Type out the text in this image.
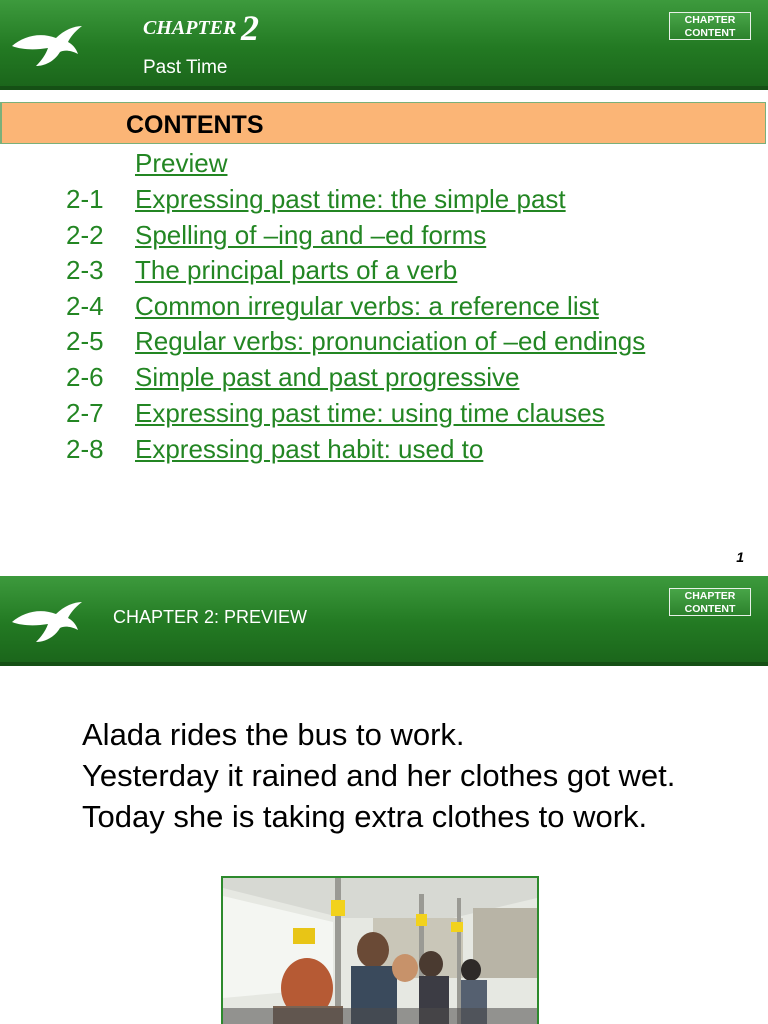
CHAPTER 2
Past Time
CHAPTER
CONTENT
CONTENTS
Preview
2-1 Expressing past time: the simple past
2-2 Spelling of –ing and –ed forms
2-3 The principal parts of a verb
2-4 Common irregular verbs: a reference list
2-5 Regular verbs: pronunciation of –ed endings
2-6 Simple past and past progressive
2-7 Expressing past time: using time clauses
2-8 Expressing past habit: used to
1
CHAPTER 2: PREVIEW
CHAPTER
CONTENT
Alada rides the bus to work.
Yesterday it rained and her clothes got wet.
Today she is taking extra clothes to work.
